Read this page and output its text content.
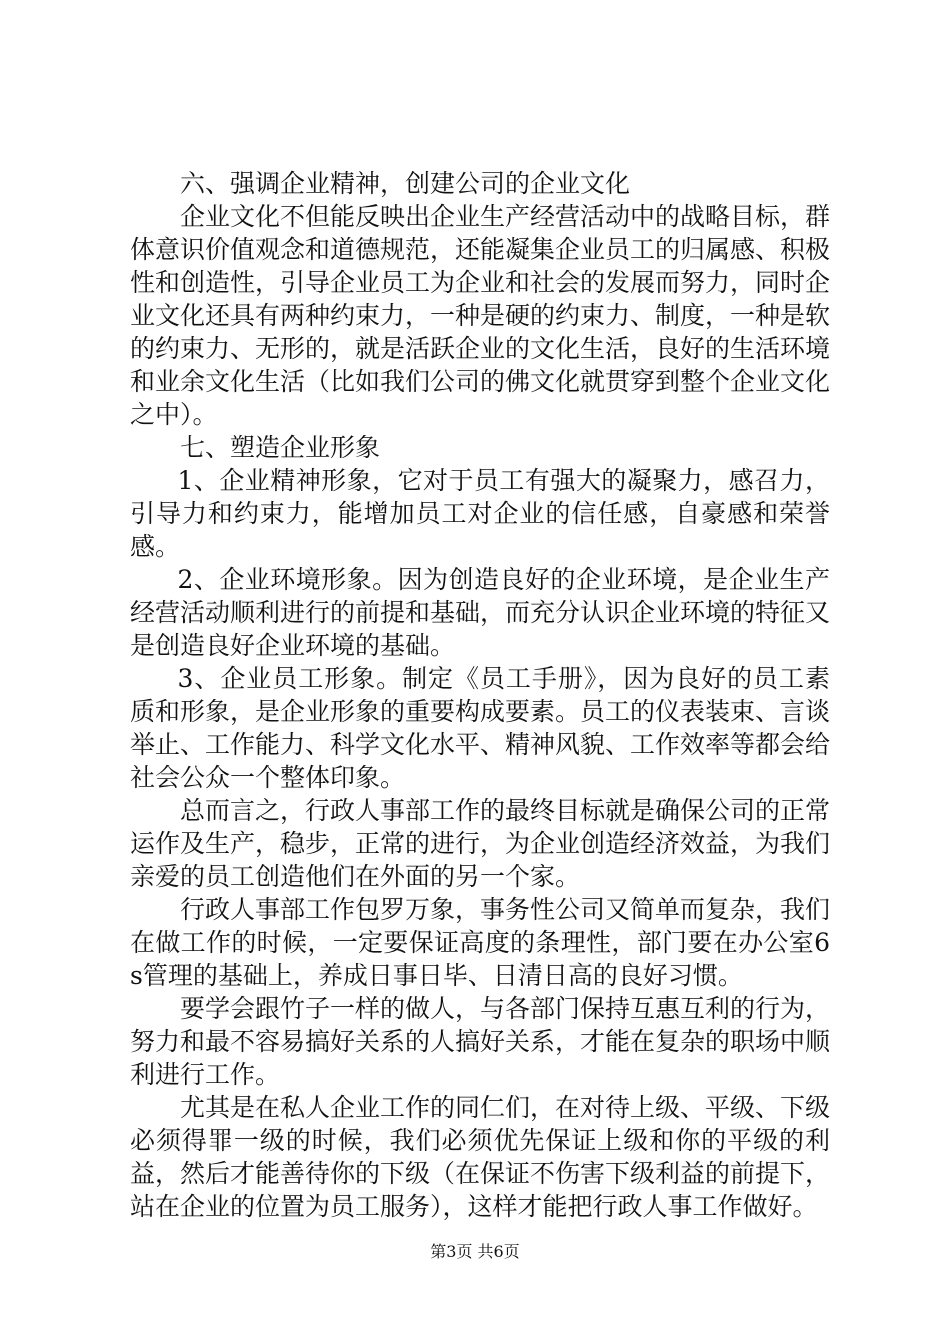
六、强调企业精神，创建公司的企业文化

企业文化不但能反映出企业生产经营活动中的战略目标，群体意识价值观念和道德规范，还能凝集企业员工的归属感、积极性和创造性，引导企业员工为企业和社会的发展而努力，同时企业文化还具有两种约束力，一种是硬的约束力、制度，一种是软的约束力、无形的，就是活跃企业的文化生活，良好的生活环境和业余文化生活（比如我们公司的佛文化就贯穿到整个企业文化之中）。

七、塑造企业形象

1、企业精神形象，它对于员工有强大的凝聚力，感召力，引导力和约束力，能增加员工对企业的信任感，自豪感和荣誉感。

2、企业环境形象。因为创造良好的企业环境，是企业生产经营活动顺利进行的前提和基础，而充分认识企业环境的特征又是创造良好企业环境的基础。

3、企业员工形象。制定《员工手册》，因为良好的员工素质和形象，是企业形象的重要构成要素。员工的仪表装束、言谈举止、工作能力、科学文化水平、精神风貌、工作效率等都会给社会公众一个整体印象。

总而言之，行政人事部工作的最终目标就是确保公司的正常运作及生产，稳步，正常的进行，为企业创造经济效益，为我们亲爱的员工创造他们在外面的另一个家。

行政人事部工作包罗万象，事务性公司又简单而复杂，我们在做工作的时候，一定要保证高度的条理性，部门要在办公室6s管理的基础上，养成日事日毕、日清日高的良好习惯。

要学会跟竹子一样的做人，与各部门保持互惠互利的行为，努力和最不容易搞好关系的人搞好关系，才能在复杂的职场中顺利进行工作。

尤其是在私人企业工作的同仁们，在对待上级、平级、下级必须得罪一级的时候，我们必须优先保证上级和你的平级的利益，然后才能善待你的下级（在保证不伤害下级利益的前提下，站在企业的位置为员工服务），这样才能把行政人事工作做好。

第3页 共6页
